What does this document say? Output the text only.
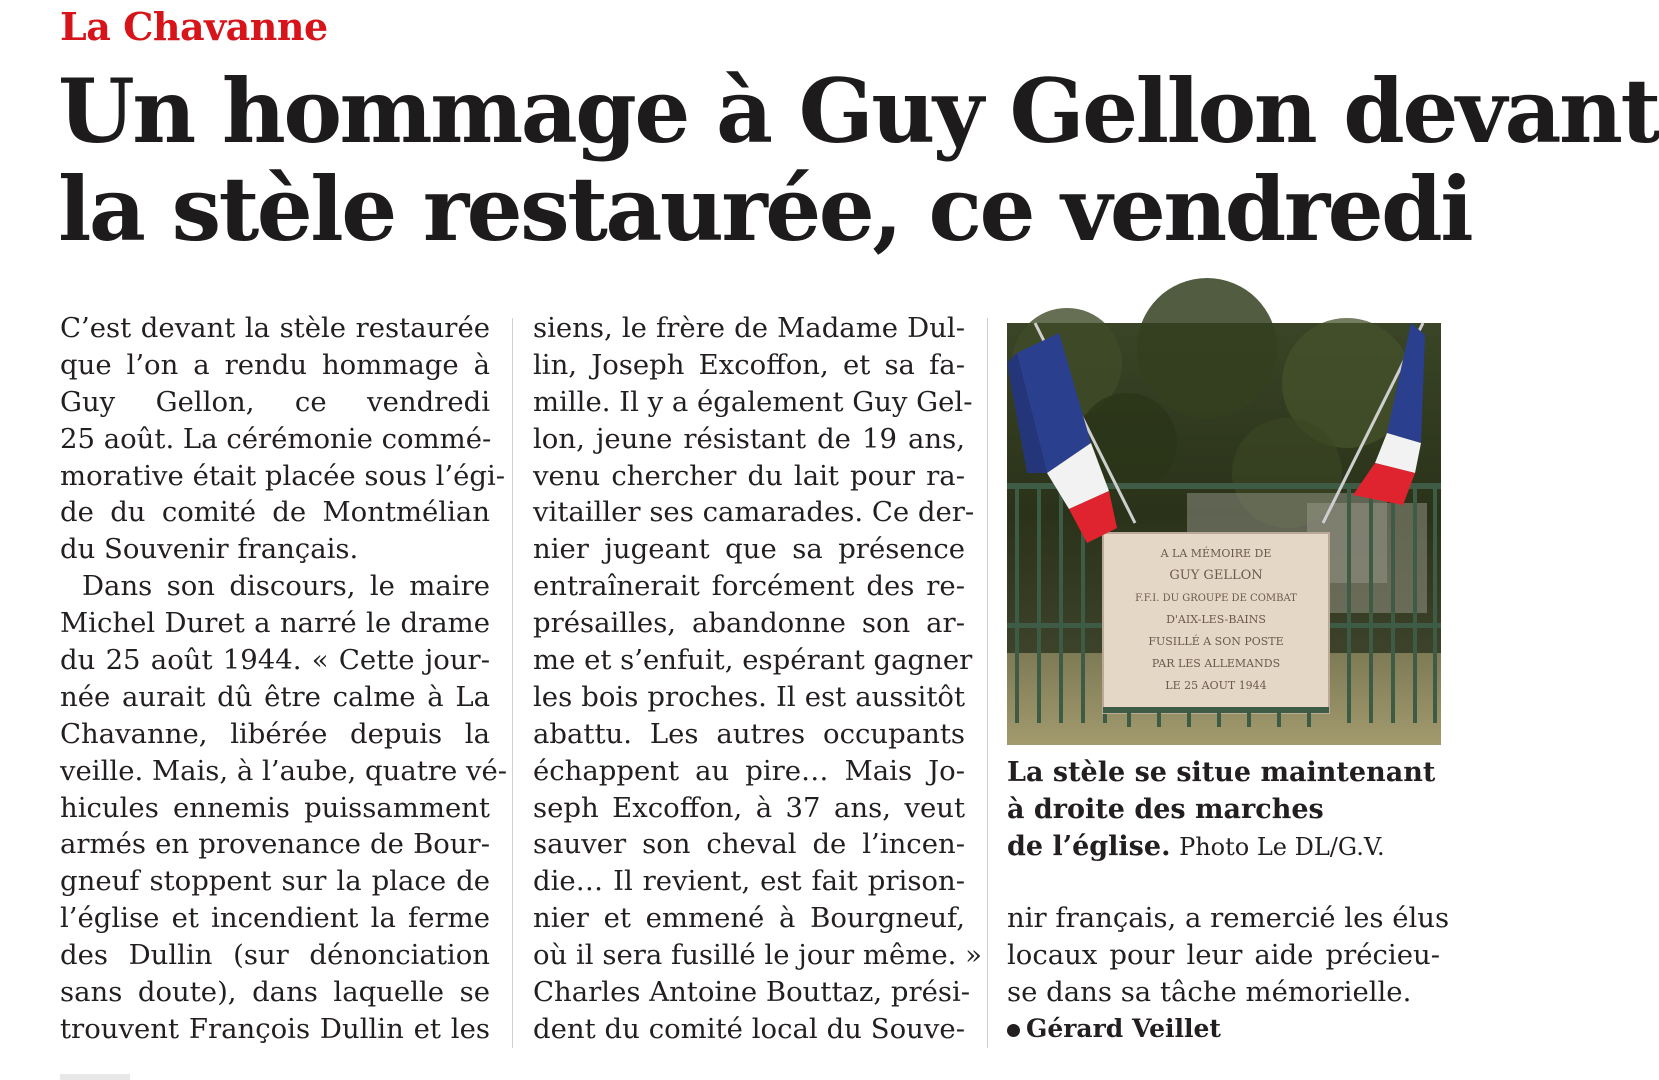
La Chavanne
Un hommage à Guy Gellon devant
la stèle restaurée, ce vendredi
C’est devant la stèle restaurée
que l’on a rendu hommage à
Guy Gellon, ce vendredi
25 août. La cérémonie commé-
morative était placée sous l’égi-
de du comité de Montmélian
du Souvenir français.
Dans son discours, le maire
Michel Duret a narré le drame
du 25 août 1944. « Cette jour-
née aurait dû être calme à La
Chavanne, libérée depuis la
veille. Mais, à l’aube, quatre vé-
hicules ennemis puissamment
armés en provenance de Bour-
gneuf stoppent sur la place de
l’église et incendient la ferme
des Dullin (sur dénonciation
sans doute), dans laquelle se
trouvent François Dullin et les
siens, le frère de Madame Dul-
lin, Joseph Excoffon, et sa fa-
mille. Il y a également Guy Gel-
lon, jeune résistant de 19 ans,
venu chercher du lait pour ra-
vitailler ses camarades. Ce der-
nier jugeant que sa présence
entraînerait forcément des re-
présailles, abandonne son ar-
me et s’enfuit, espérant gagner
les bois proches. Il est aussitôt
abattu. Les autres occupants
échappent au pire… Mais Jo-
seph Excoffon, à 37 ans, veut
sauver son cheval de l’incen-
die… Il revient, est fait prison-
nier et emmené à Bourgneuf,
où il sera fusillé le jour même. »
Charles Antoine Bouttaz, prési-
dent du comité local du Souve-
A LA MÉMOIRE DE
GUY GELLON
F.F.I. DU GROUPE DE COMBAT
D'AIX-LES-BAINS
FUSILLÉ A SON POSTE
PAR LES ALLEMANDS
LE 25 AOUT 1944
La stèle se situe maintenant
à droite des marches
de l’église. Photo Le DL/G.V.
nir français, a remercié les élus
locaux pour leur aide précieu-
se dans sa tâche mémorielle.
Gérard Veillet
